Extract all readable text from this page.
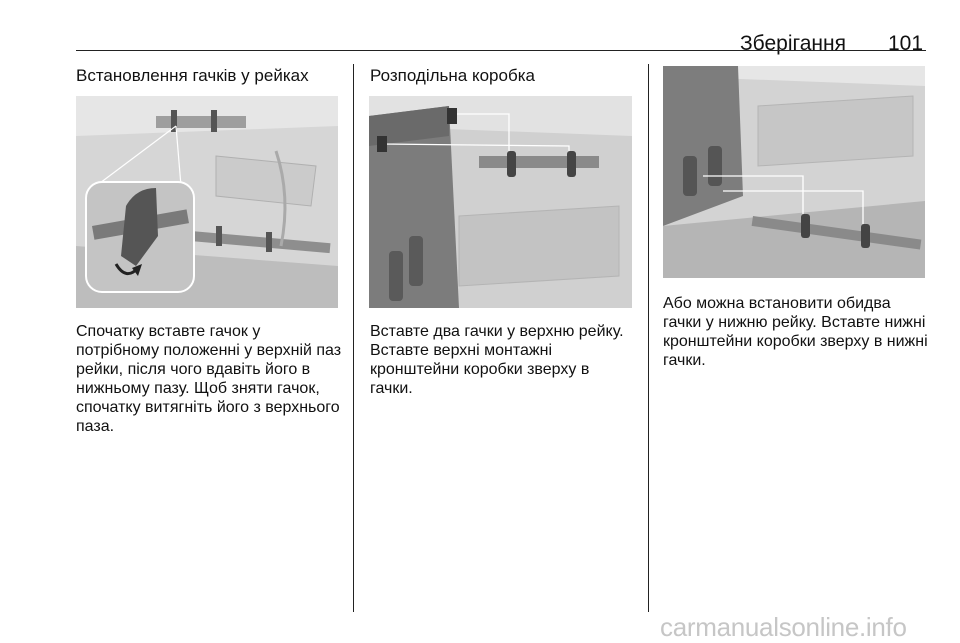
Зберігання 101
Встановлення гачків у рейках
Спочатку вставте гачок у
потрібному положенні у верхній паз
рейки, після чого вдавіть його в
нижньому пазу. Щоб зняти гачок,
спочатку витягніть його з верхнього
паза.
Розподільна коробка
Вставте два гачки у верхню рейку.
Вставте верхні монтажні
кронштейни коробки зверху в
гачки.
Або можна встановити обидва
гачки у нижню рейку. Вставте нижні
кронштейни коробки зверху в нижні
гачки.
carmanualsonline.info
